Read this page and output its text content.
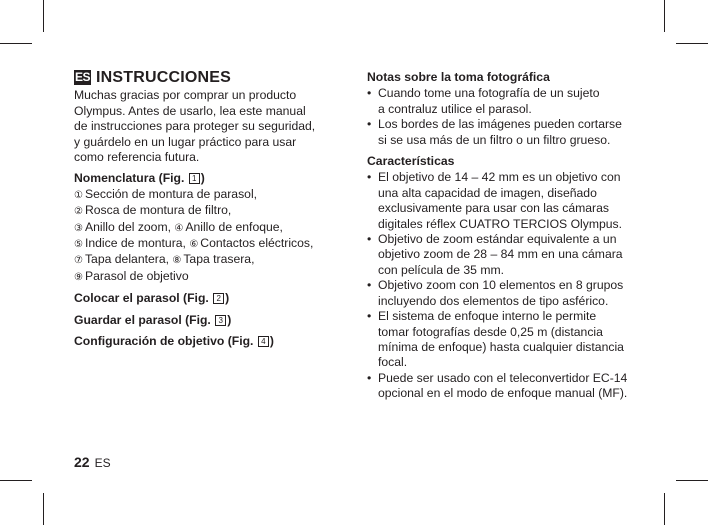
ES INSTRUCCIONES

Muchas gracias por comprar un producto
Olympus. Antes de usarlo, lea este manual
de instrucciones para proteger su seguridad,
y guárdelo en un lugar práctico para usar
como referencia futura.

Nomenclatura (Fig. 1 )
① Sección de montura de parasol,
② Rosca de montura de filtro,
③ Anillo del zoom, ④ Anillo de enfoque,
⑤ Indice de montura, ⑥ Contactos eléctricos,
⑦ Tapa delantera, ⑧ Tapa trasera,
⑨ Parasol de objetivo
Colocar el parasol (Fig. 2 )
Guardar el parasol (Fig. 3 )
Configuración de objetivo (Fig. 4 )
Notas sobre la toma fotográfica
• Cuando tome una fotografía de un sujeto
a contraluz utilice el parasol.
• Los bordes de las imágenes pueden cortarse
si se usa más de un filtro o un filtro grueso.
Características
• El objetivo de 14 – 42 mm es un objetivo con
una alta capacidad de imagen, diseñado
exclusivamente para usar con las cámaras
digitales réflex CUATRO TERCIOS Olympus.
• Objetivo de zoom estándar equivalente a un
objetivo zoom de 28 – 84 mm en una cámara
con película de 35 mm.
• Objetivo zoom con 10 elementos en 8 grupos
incluyendo dos elementos de tipo asférico.
• El sistema de enfoque interno le permite
tomar fotografías desde 0,25 m (distancia
mínima de enfoque) hasta cualquier distancia
focal.
• Puede ser usado con el teleconvertidor EC-14
opcional en el modo de enfoque manual (MF).
22 ES
